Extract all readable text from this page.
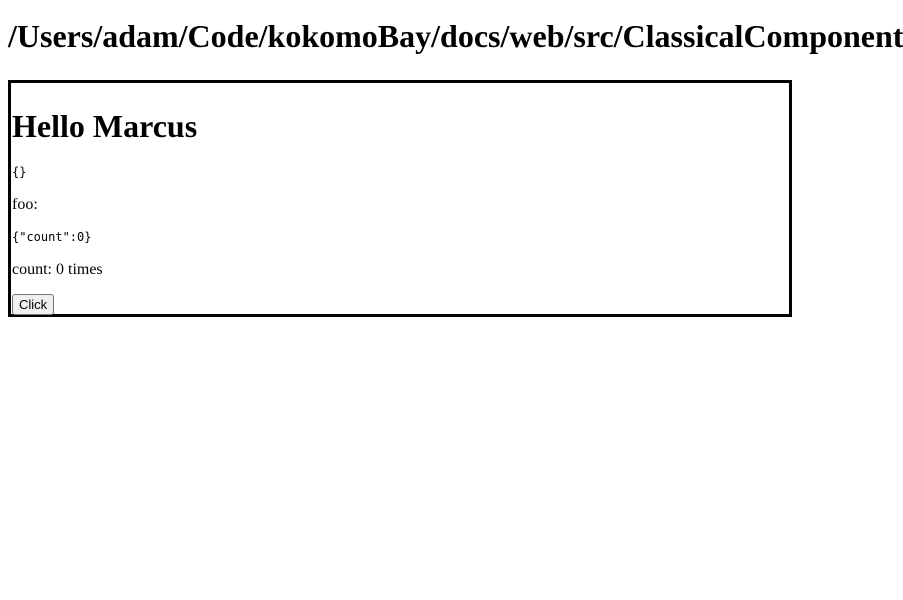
/Users/adam/Code/kokomoBay/docs/web/src/ClassicalComponent
Hello Marcus
{}

foo:

{"count":0}

count: 0 times

Click
